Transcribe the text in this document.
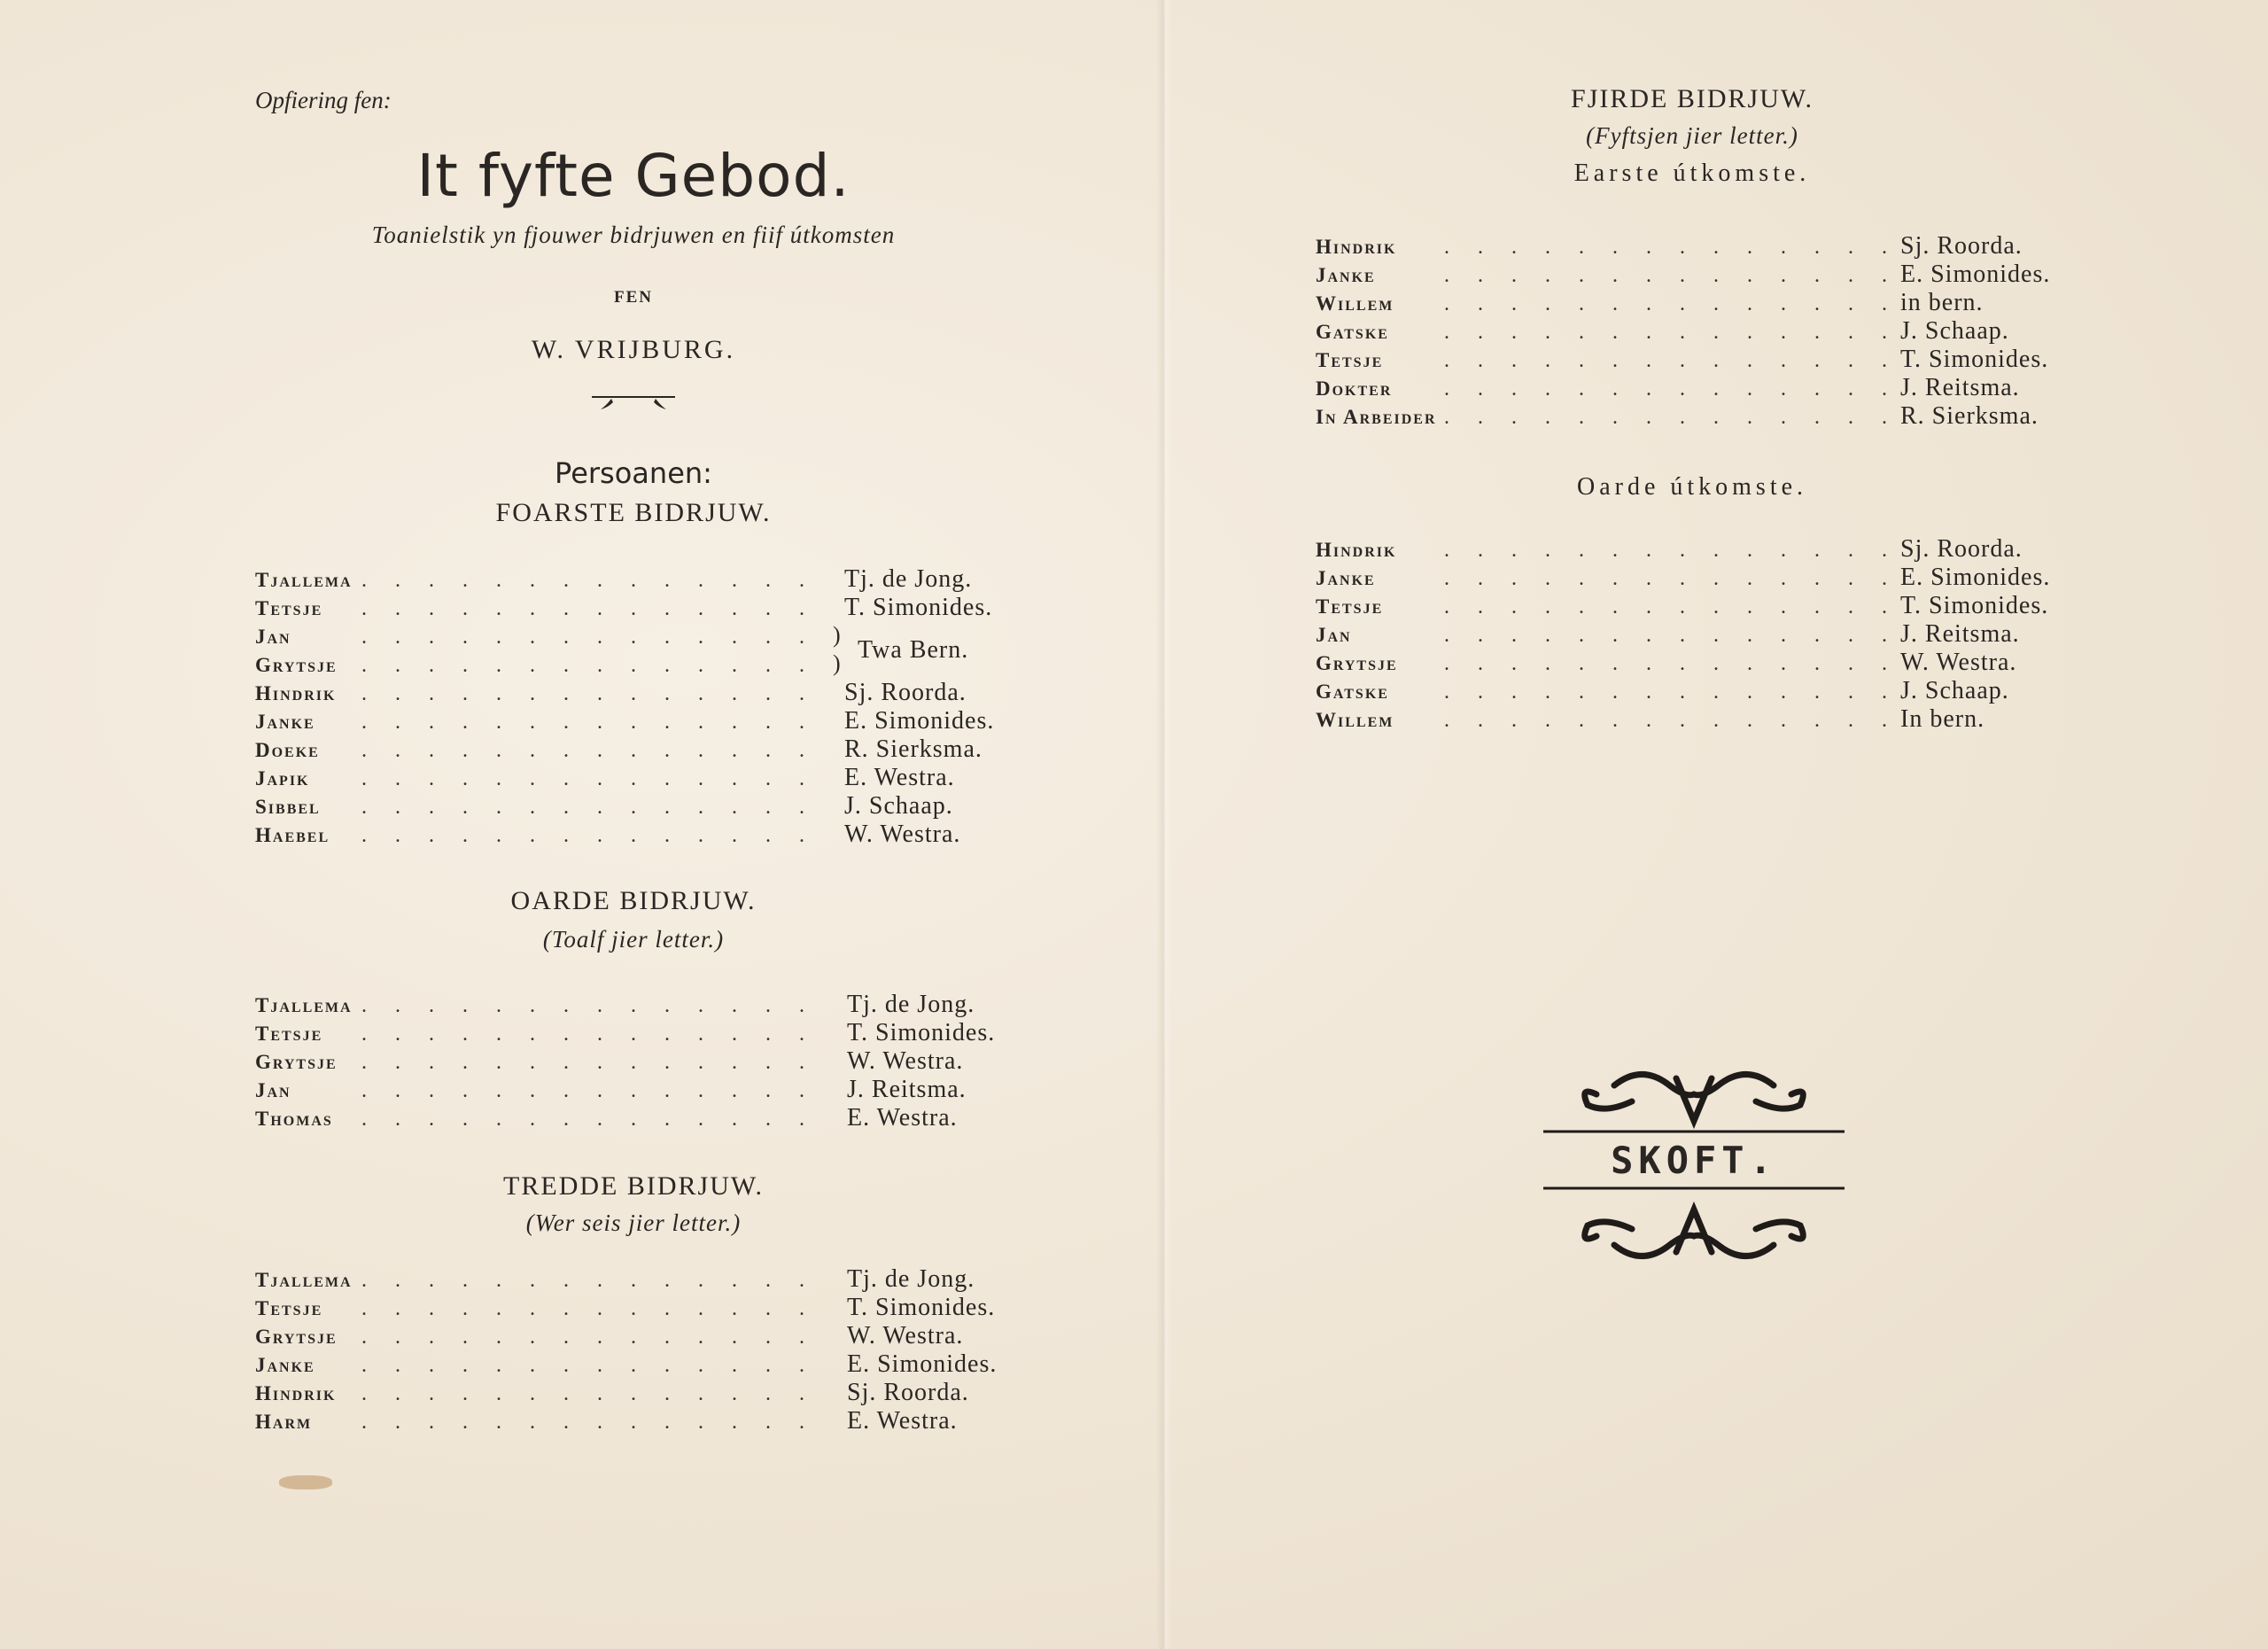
Opfiering fen:
It fyfte Gebod.
Toanielstik yn fjouwer bidrjuwen en fiif útkomsten
FEN
W. VRIJBURG.
Persoanen:
FOARSTE BIDRJUW.
Tjallema . . . . . . . . . . . . . . Tj. de Jong.
Tetsje . . . . . . . . . . . . . . T. Simonides.
Jan	. . . . . . . . . . . . . . )
Twa Bern.
Grytsje . . . . . . . . . . . . . . )
Hindrik . . . . . . . . . . . . . . Sj. Roorda.
Janke . . . . . . . . . . . . . . E. Simonides.
Doeke . . . . . . . . . . . . . . R. Sierksma.
Japik . . . . . . . . . . . . . . E. Westra.
Sibbel . . . . . . . . . . . . . . J. Schaap.
Haebel . . . . . . . . . . . . . . W. Westra.
OARDE BIDRJUW.
(Toalf jier letter.)
Tjallema . . . . . . . . . . . . . . Tj. de Jong.
Tetsje . . . . . . . . . . . . . . T. Simonides.
Grytsje . . . . . . . . . . . . . . W. Westra.
Jan	. . . . . . . . . . . . . . J. Reitsma.
Thomas . . . . . . . . . . . . . . E. Westra.
TREDDE BIDRJUW.
(Wer seis jier letter.)
Tjallema . . . . . . . . . . . . . . Tj. de Jong.
Tetsje . . . . . . . . . . . . . . T. Simonides.
Grytsje . . . . . . . . . . . . . . W. Westra.
Janke . . . . . . . . . . . . . . E. Simonides.
Hindrik . . . . . . . . . . . . . . Sj. Roorda.
Harm . . . . . . . . . . . . . . E. Westra.
FJIRDE BIDRJUW.
(Fyftsjen jier letter.)
Earste útkomste.
Hindrik . . . . . . . . . . . . . . Sj. Roorda.
Janke	. . . . . . . . . . . . . . E. Simonides.
Willem . . . . . . . . . . . . . . in bern.
Gatske	. . . . . . . . . . . . . . J. Schaap.
Tetsje	. . . . . . . . . . . . . . T. Simonides.
Dokter . . . . . . . . . . . . . . J. Reitsma.
In Arbeider . . . . . . . . . . . . . . R. Sierksma.
Oarde útkomste.
Hindrik . . . . . . . . . . . . . . Sj. Roorda.
Janke	. . . . . . . . . . . . . . E. Simonides.
Tetsje	. . . . . . . . . . . . . . T. Simonides.
Jan	. . . . . . . . . . . . . . J. Reitsma.
Grytsje . . . . . . . . . . . . . . W. Westra.
Gatske	. . . . . . . . . . . . . . J. Schaap.
Willem . . . . . . . . . . . . . . In bern.
SKOFT.
